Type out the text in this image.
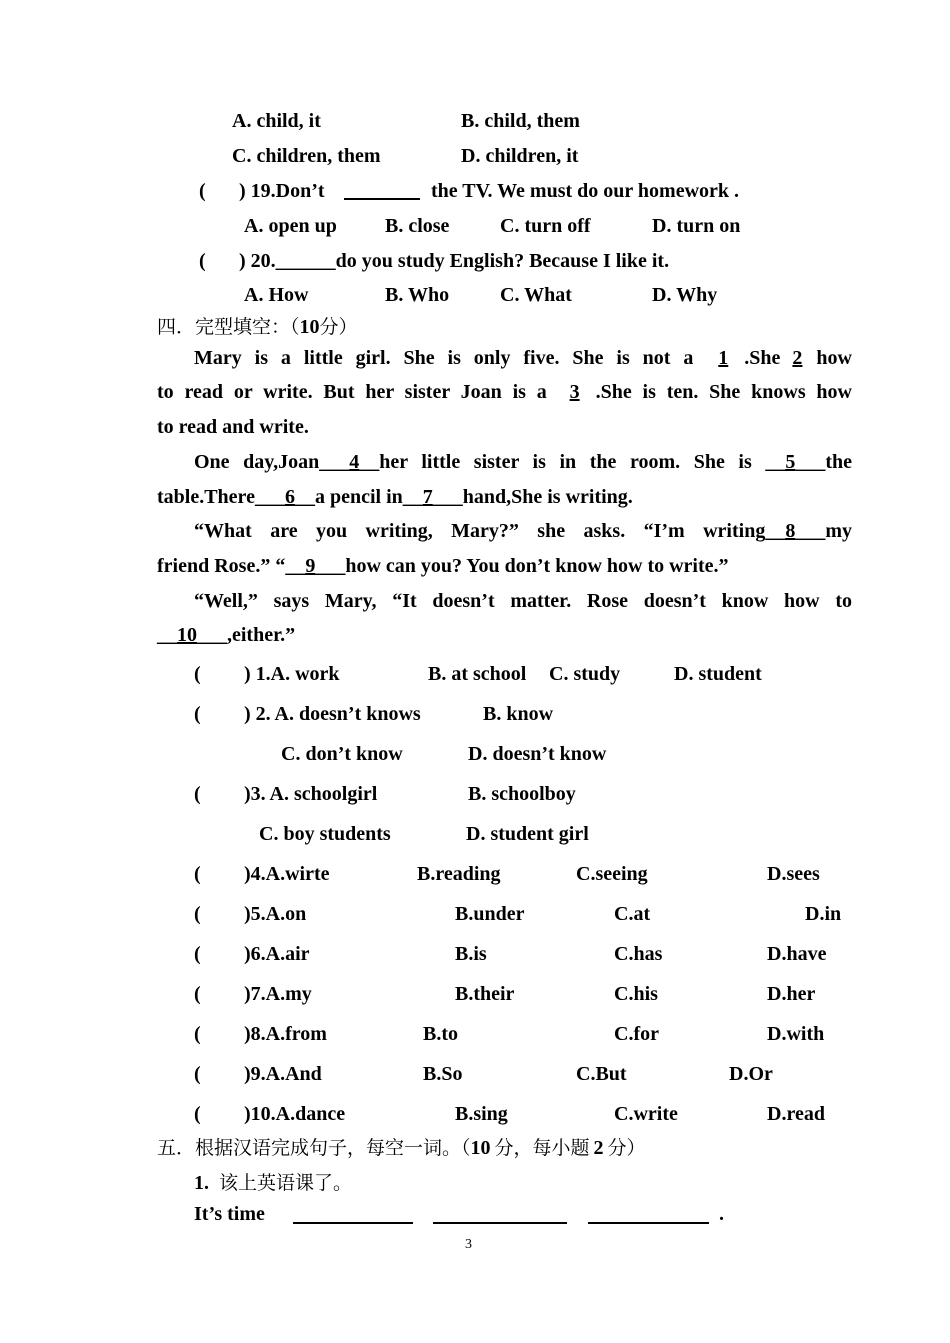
A. child, it	B. child, them
C. children, them	D. children, it
( ) 19.Don’t	the TV. We must do our homework .
A. open up B. close	C. turn off	D. turn on
( ) 20.______do you study English? Because I like it.
A. How	B. Who	C. What	D. Why
四．完型填空：（10分）
Mary is a little girl. She is only five. She is not a 1 .She 2 how
to read or write. But her sister Joan is a 3 .She is ten. She knows how
to read and write.
One day,Joan___4__her little sister is in the room. She is __5___the
table.There___6__a pencil in__7___hand,She is writing.
“What are you writing, Mary?” she asks. “I’m writing__8___my
friend Rose.” “__9___how can you? You don’t know how to write.”
“Well,” says Mary, “It doesn’t matter. Rose doesn’t know how to
__10___,either.”
( ) 1.A. work	B. at school C. study	D. student
( ) 2. A. doesn’t knows	B. know
C. don’t know	D. doesn’t know
( )3. A. schoolgirl	B. schoolboy
C. boy students	D. student girl
( )4.A.wirte	B.reading	C.seeing	D.sees
( )5.A.on	B.under	C.at	D.in
( )6.A.air	B.is	C.has	D.have
( )7.A.my	B.their	C.his	D.her
( )8.A.from	B.to	C.for	D.with
( )9.A.And	B.So	C.But	D.Or
( )10.A.dance	B.sing	C.write	D.read
五．根据汉语完成句子，每空一词。（10 分，每小题 2 分）
1. 该上英语课了。
It’s time	.
3
